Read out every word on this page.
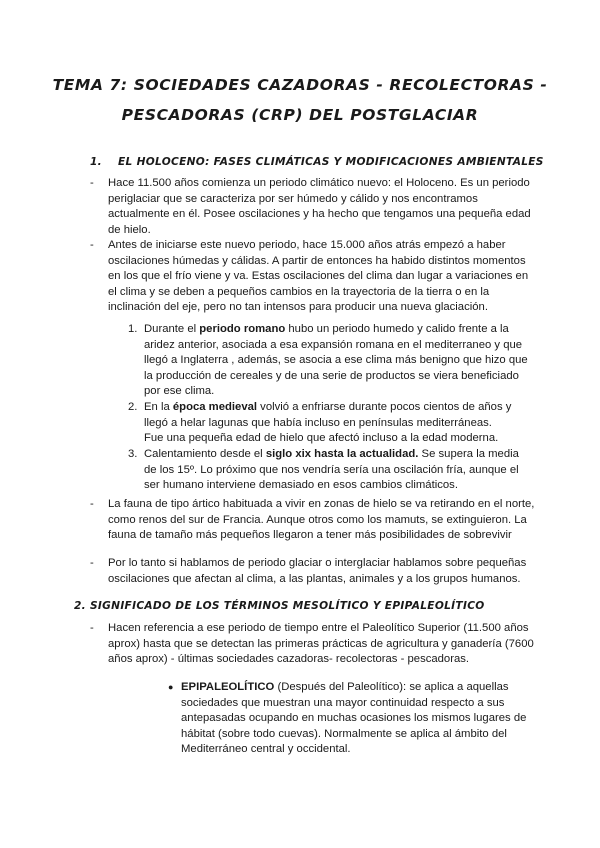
TEMA 7: SOCIEDADES CAZADORAS - RECOLECTORAS -
PESCADORAS (CRP) DEL POSTGLACIAR
1. EL HOLOCENO: FASES CLIMÁTICAS Y MODIFICACIONES AMBIENTALES
- Hace 11.500 años comienza un periodo climático nuevo: el Holoceno. Es un periodo
periglaciar que se caracteriza por ser húmedo y cálido y nos encontramos
actualmente en él. Posee oscilaciones y ha hecho que tengamos una pequeña edad
de hielo.
- Antes de iniciarse este nuevo periodo, hace 15.000 años atrás empezó a haber
oscilaciones húmedas y cálidas. A partir de entonces ha habido distintos momentos
en los que el frío viene y va. Estas oscilaciones del clima dan lugar a variaciones en
el clima y se deben a pequeños cambios en la trayectoria de la tierra o en la
inclinación del eje, pero no tan intensos para producir una nueva glaciación.
1. Durante el periodo romano hubo un periodo humedo y calido frente a la
aridez anterior, asociada a esa expansión romana en el mediterraneo y que
llegó a Inglaterra , además, se asocia a ese clima más benigno que hizo que
la producción de cereales y de una serie de productos se viera beneficiado
por ese clima.
2. En la época medieval volvió a enfriarse durante pocos cientos de años y
llegó a helar lagunas que había incluso en penínsulas mediterráneas.
Fue una pequeña edad de hielo que afectó incluso a la edad moderna.
3. Calentamiento desde el siglo xix hasta la actualidad. Se supera la media
de los 15º. Lo próximo que nos vendría sería una oscilación fría, aunque el
ser humano interviene demasiado en esos cambios climáticos.
- La fauna de tipo ártico habituada a vivir en zonas de hielo se va retirando en el norte,
como renos del sur de Francia. Aunque otros como los mamuts, se extinguieron. La
fauna de tamaño más pequeños llegaron a tener más posibilidades de sobrevivir
- Por lo tanto si hablamos de periodo glaciar o interglaciar hablamos sobre pequeñas
oscilaciones que afectan al clima, a las plantas, animales y a los grupos humanos.
2. SIGNIFICADO DE LOS TÉRMINOS MESOLÍTICO Y EPIPALEOLÍTICO
- Hacen referencia a ese periodo de tiempo entre el Paleolítico Superior (11.500 años
aprox) hasta que se detectan las primeras prácticas de agricultura y ganadería (7600
años aprox) - últimas sociedades cazadoras- recolectoras - pescadoras.
● EPIPALEOLÍTICO (Después del Paleolítico): se aplica a aquellas
sociedades que muestran una mayor continuidad respecto a sus
antepasadas ocupando en muchas ocasiones los mismos lugares de
hábitat (sobre todo cuevas). Normalmente se aplica al ámbito del
Mediterráneo central y occidental.
